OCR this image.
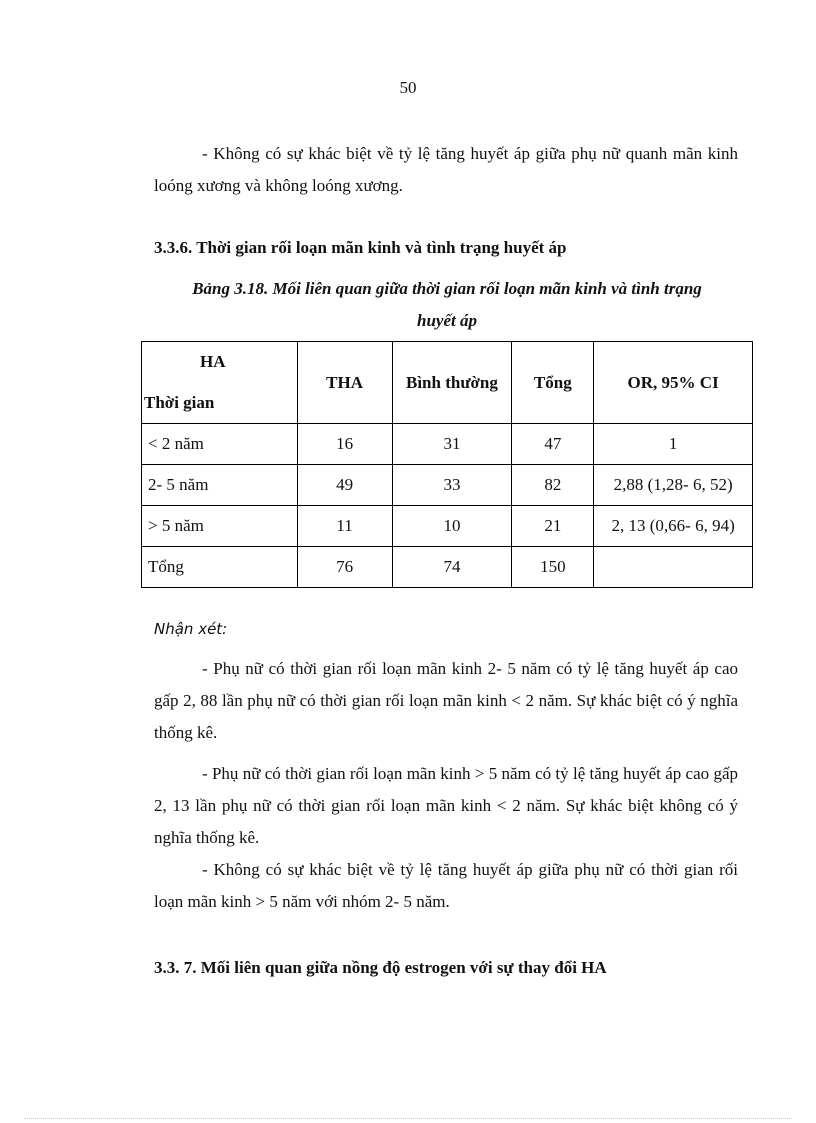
50

- Không có sự khác biệt về tỷ lệ tăng huyết áp giữa phụ nữ quanh mãn kinh loóng xương và không loóng xương.

3.3.6. Thời gian rối loạn mãn kinh và tình trạng huyết áp

Bảng 3.18. Mối liên quan giữa thời gian rối loạn mãn kinh và tình trạng
huyết áp

HA
Thời gian	THA	Bình thường	Tổng	OR, 95% CI
< 2 năm	16	31	47	1
2- 5 năm	49	33	82	2,88 (1,28- 6, 52)
> 5 năm	11	10	21	2, 13 (0,66- 6, 94)
Tổng	76	74	150	

Nhận xét:

- Phụ nữ có thời gian rối loạn mãn kinh 2- 5 năm có tỷ lệ tăng huyết áp cao gấp 2, 88 lần phụ nữ có thời gian rối loạn mãn kinh < 2 năm. Sự khác biệt có ý nghĩa thống kê.

- Phụ nữ có thời gian rối loạn mãn kinh > 5 năm có tỷ lệ tăng huyết áp cao gấp 2, 13 lần phụ nữ có thời gian rối loạn mãn kinh < 2 năm. Sự khác biệt không có ý nghĩa thống kê.

- Không có sự khác biệt về tỷ lệ tăng huyết áp giữa phụ nữ có thời gian rối loạn mãn kinh > 5 năm với nhóm 2- 5 năm.

3.3. 7. Mối liên quan giữa nồng độ estrogen với sự thay đổi HA
